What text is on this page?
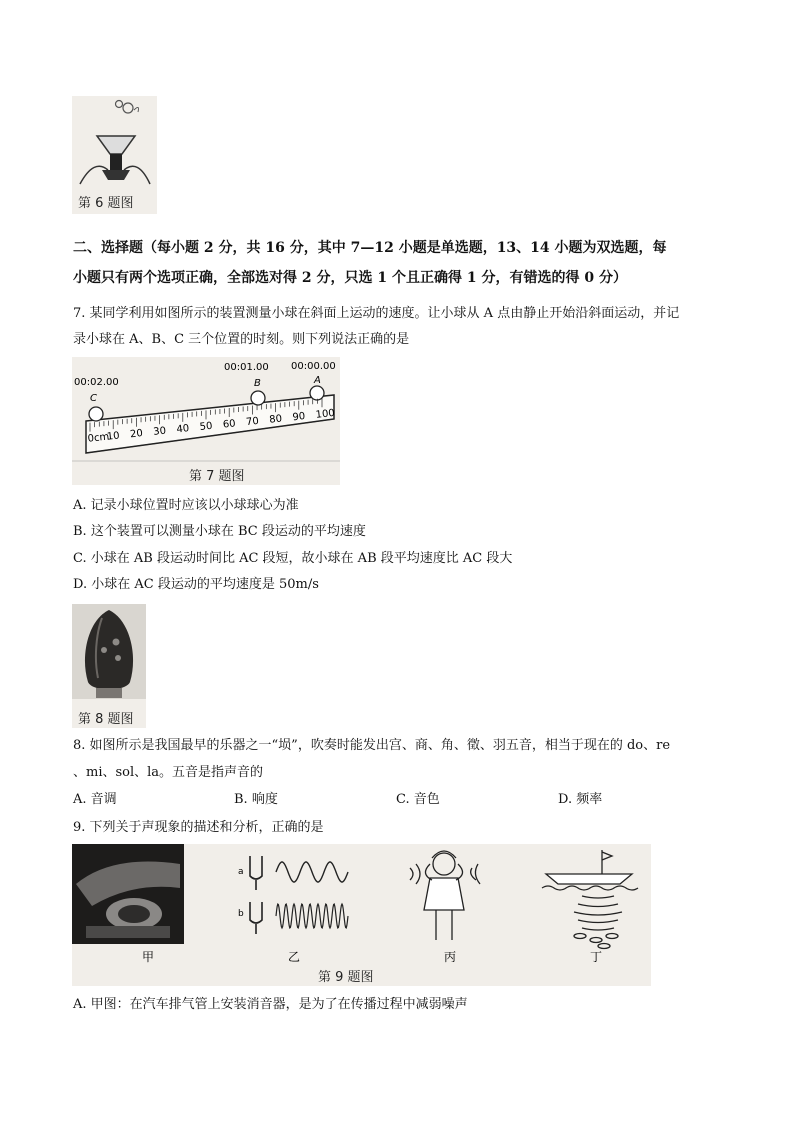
第 6 题图
二、选择题（每小题 2 分，共 16 分，其中 7—12 小题是单选题，13、14 小题为双选题，每
小题只有两个选项正确，全部选对得 2 分，只选 1 个且正确得 1 分，有错选的得 0 分）
7. 某同学利用如图所示的装置测量小球在斜面上运动的速度。让小球从 A 点由静止开始沿斜面运动，并记
录小球在 A、B、C 三个位置的时刻。则下列说法正确的是
00:02.00
00:01.00 00:00.00
C
B	A
0cm
10 20 30 40 50 60 70 80 90 100
第 7 题图
A. 记录小球位置时应该以小球球心为准
B. 这个装置可以测量小球在 BC 段运动的平均速度
C. 小球在 AB 段运动时间比 AC 段短，故小球在 AB 段平均速度比 AC 段大
D. 小球在 AC 段运动的平均速度是 50m/s
第 8 题图
8. 如图所示是我国最早的乐器之一“埙”，吹奏时能发出宫、商、角、徵、羽五音，相当于现在的 do、re
、mi、sol、la。五音是指声音的
A. 音调	B. 响度	C. 音色	D. 频率
9. 下列关于声现象的描述和分析，正确的是
甲
a
b
乙	丙	丁
第 9 题图
A. 甲图：在汽车排气管上安装消音器，是为了在传播过程中减弱噪声
